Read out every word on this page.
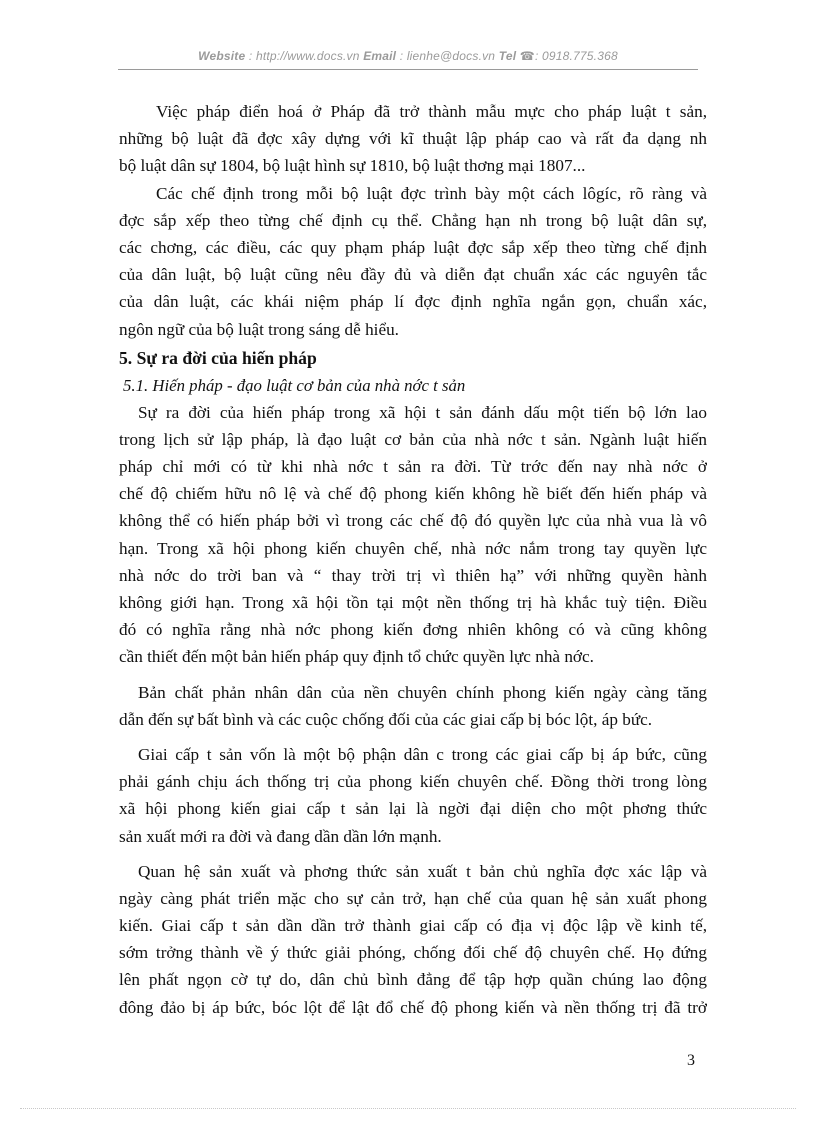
Website : http://www.docs.vn Email : lienhe@docs.vn Tel ☎: 0918.775.368
Việc pháp điển hoá ở Pháp đã trở thành mẫu mực cho pháp luật t sản,
những bộ luật đã đợc xây dựng với kĩ thuật lập pháp cao và rất đa dạng nh
bộ luật dân sự 1804, bộ luật hình sự 1810, bộ luật thơng mại 1807...
Các chế định trong mỗi bộ luật đợc trình bày một cách lôgíc, rõ ràng và
đợc sắp xếp theo từng chế định cụ thể. Chẳng hạn nh trong bộ luật dân sự,
các chơng, các điều, các quy phạm pháp luật đợc sắp xếp theo từng chế định
của dân luật, bộ luật cũng nêu đầy đủ và diễn đạt chuẩn xác các nguyên tắc
của dân luật, các khái niệm pháp lí đợc định nghĩa ngắn gọn, chuẩn xác,
ngôn ngữ của bộ luật trong sáng dễ hiểu.
5. Sự ra đời của hiến pháp
5.1. Hiến pháp - đạo luật cơ bản của nhà nớc t sản
Sự ra đời của hiến pháp trong xã hội t sản đánh dấu một tiến bộ lớn lao
trong lịch sử lập pháp, là đạo luật cơ bản của nhà nớc t sản. Ngành luật hiến
pháp chỉ mới có từ khi nhà nớc t sản ra đời. Từ trớc đến nay nhà nớc ở
chế độ chiếm hữu nô lệ và chế độ phong kiến không hề biết đến hiến pháp và
không thể có hiến pháp bởi vì trong các chế độ đó quyền lực của nhà vua là vô
hạn. Trong xã hội phong kiến chuyên chế, nhà nớc nắm trong tay quyền lực
nhà nớc do trời ban và “ thay trời trị vì thiên hạ” với những quyền hành
không giới hạn. Trong xã hội tồn tại một nền thống trị hà khắc tuỳ tiện. Điều
đó có nghĩa rằng nhà nớc phong kiến đơng nhiên không có và cũng không
cần thiết đến một bản hiến pháp quy định tổ chức quyền lực nhà nớc.
Bản chất phản nhân dân của nền chuyên chính phong kiến ngày càng tăng
dẫn đến sự bất bình và các cuộc chống đối của các giai cấp bị bóc lột, áp bức.
Giai cấp t sản vốn là một bộ phận dân c trong các giai cấp bị áp bức, cũng
phải gánh chịu ách thống trị của phong kiến chuyên chế. Đồng thời trong lòng
xã hội phong kiến giai cấp t sản lại là ngời đại diện cho một phơng thức
sản xuất mới ra đời và đang dần dần lớn mạnh.
Quan hệ sản xuất và phơng thức sản xuất t bản chủ nghĩa đợc xác lập và
ngày càng phát triển mặc cho sự cản trở, hạn chế của quan hệ sản xuất phong
kiến. Giai cấp t sản dần dần trở thành giai cấp có địa vị độc lập về kinh tế,
sớm trởng thành về ý thức giải phóng, chống đối chế độ chuyên chế. Họ đứng
lên phất ngọn cờ tự do, dân chủ bình đẳng để tập hợp quần chúng lao động
đông đảo bị áp bức, bóc lột để lật đổ chế độ phong kiến và nền thống trị đã trở
3
